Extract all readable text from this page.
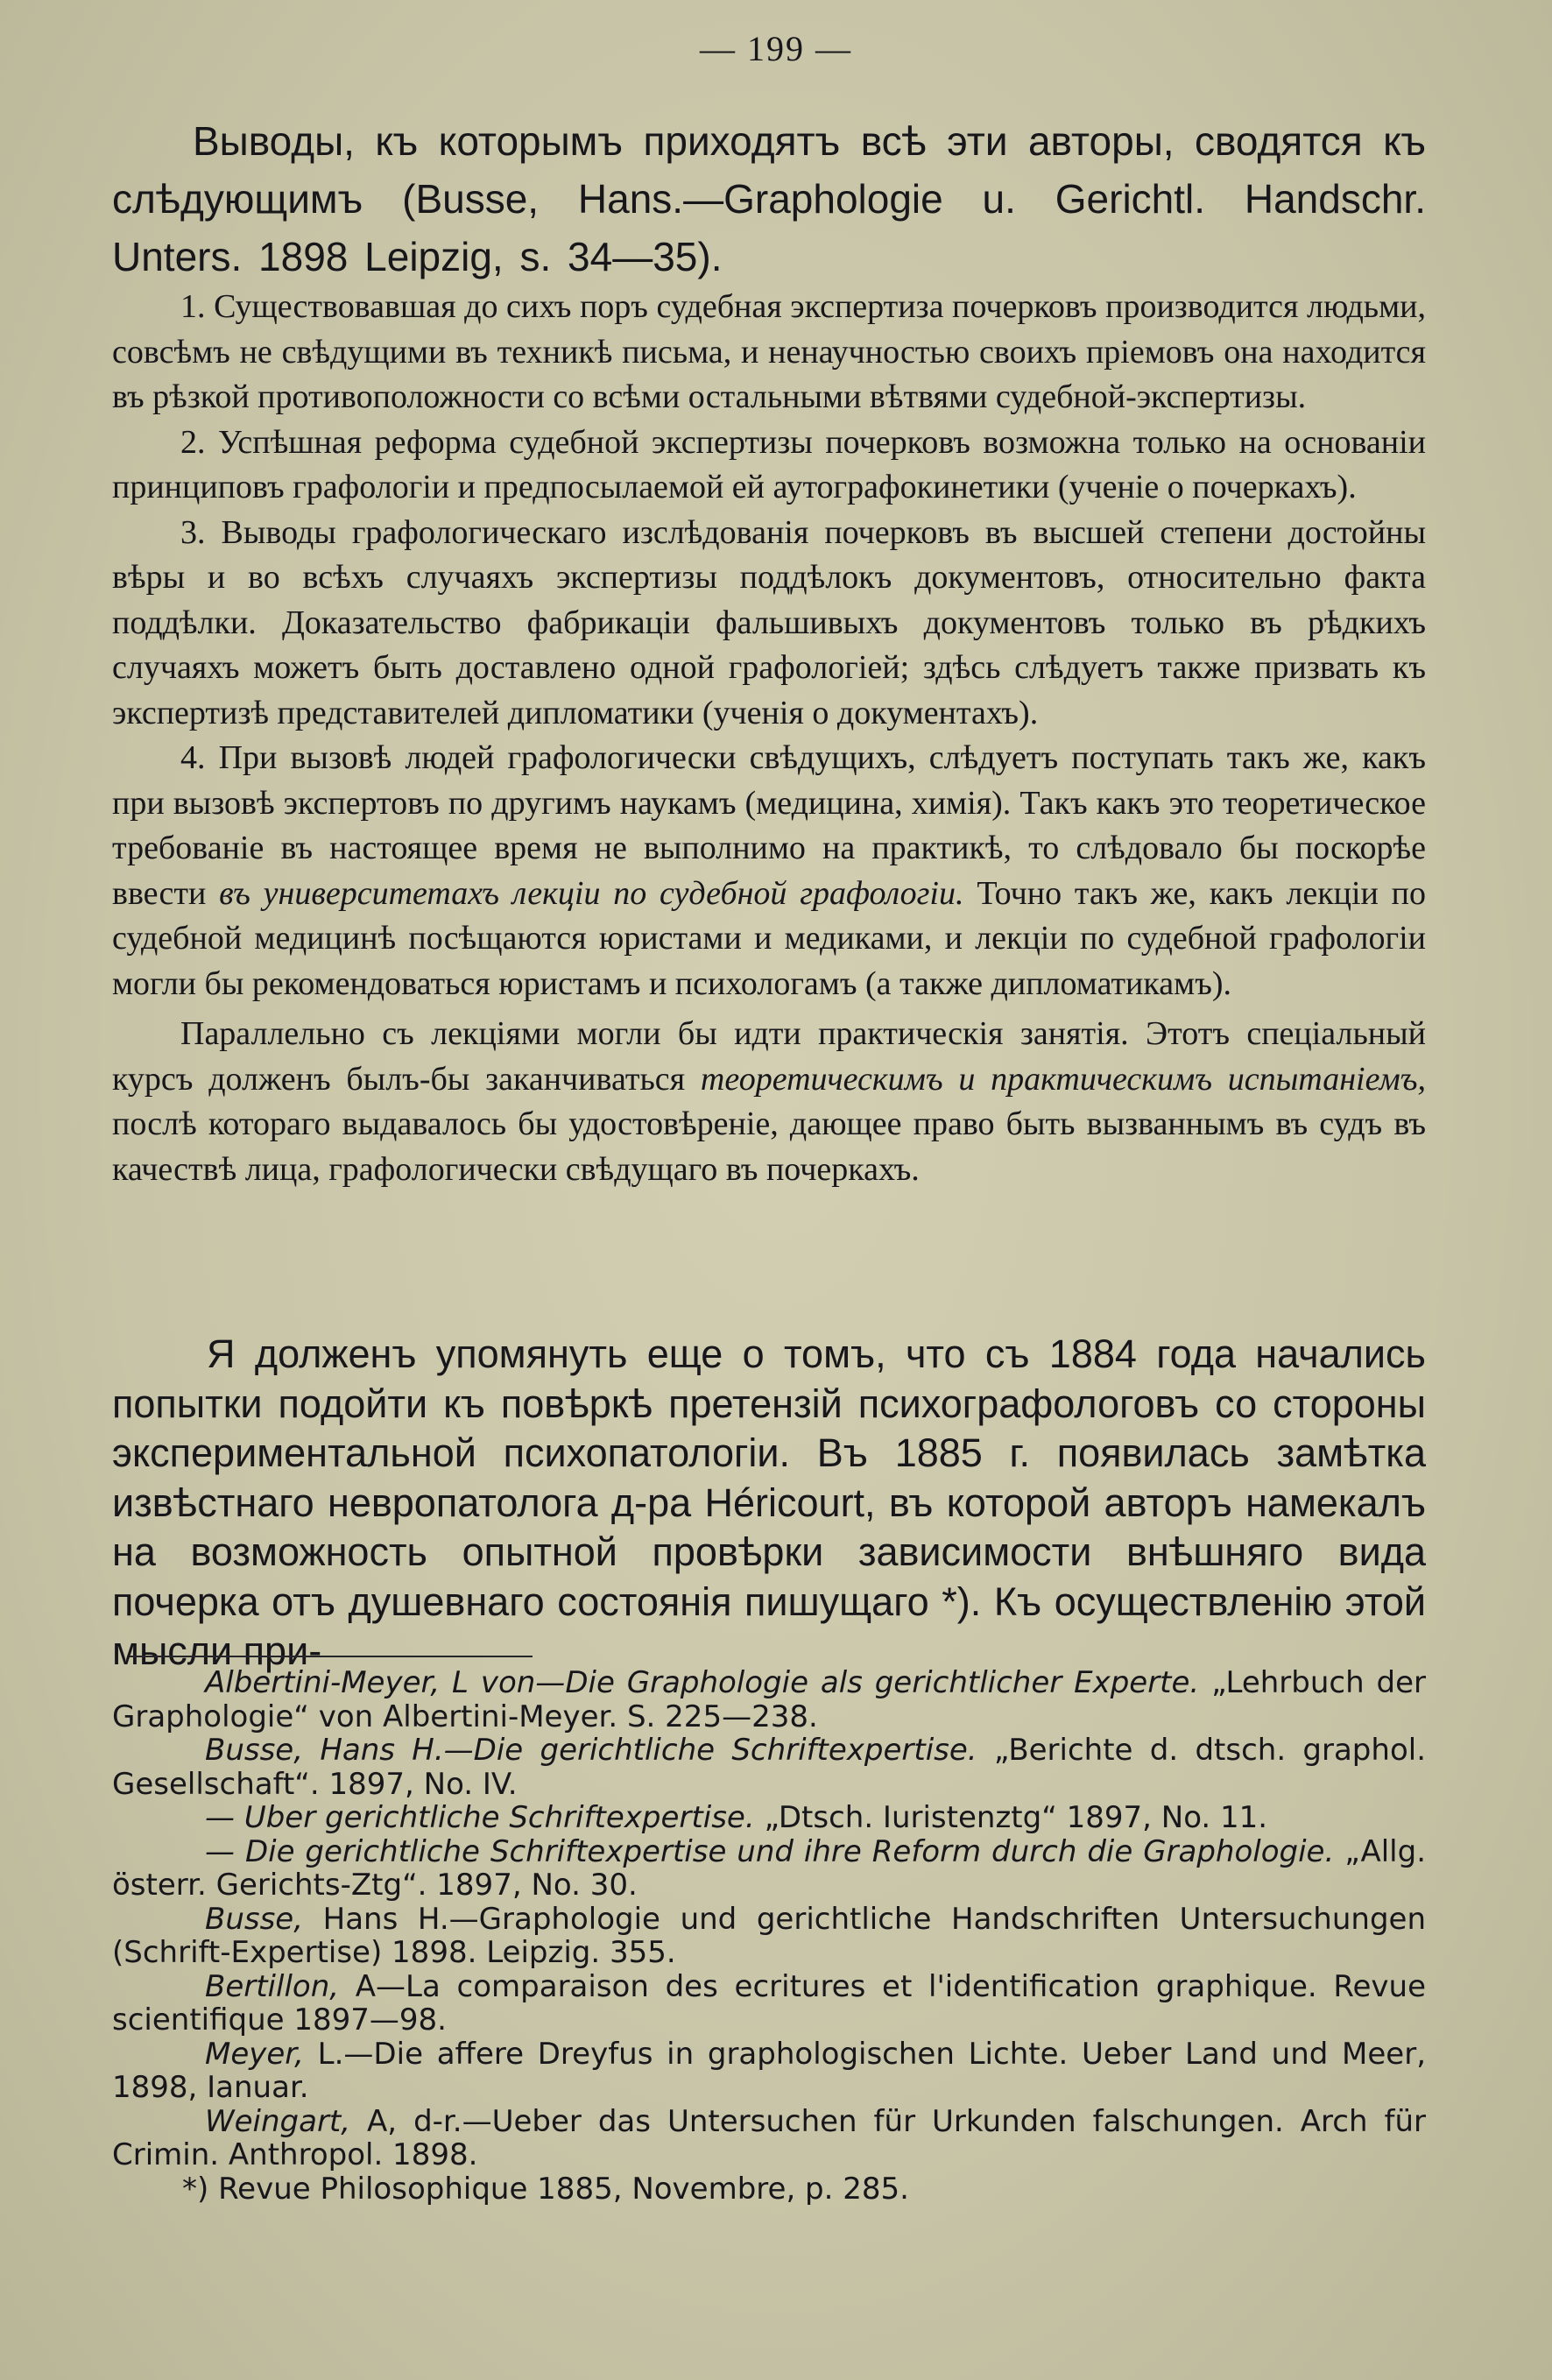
— 199 —

Выводы, къ которымъ приходятъ всѣ эти авторы, сводятся къ слѣдующимъ (Busse, Hans.—Graphologie u. Gerichtl. Handschr. Unters. 1898 Leipzig, s. 34—35).

1. Существовавшая до сихъ поръ судебная экспертиза почерковъ производится людьми, совсѣмъ не свѣдущими въ техникѣ письма, и ненаучностью своихъ пріемовъ она находится въ рѣзкой противоположности со всѣми остальными вѣтвями судебной-экспертизы.

2. Успѣшная реформа судебной экспертизы почерковъ возможна только на основаніи принциповъ графологіи и предпосылаемой ей аутографокинетики (ученіе о почеркахъ).

3. Выводы графологическаго изслѣдованія почерковъ въ высшей степени достойны вѣры и во всѣхъ случаяхъ экспертизы поддѣлокъ документовъ, относительно факта поддѣлки. Доказательство фабрикаціи фальшивыхъ документовъ только въ рѣдкихъ случаяхъ можетъ быть доставлено одной графологіей; здѣсь слѣдуетъ также призвать къ экспертизѣ представителей дипломатики (ученія о документахъ).

4. При вызовѣ людей графологически свѣдущихъ, слѣдуетъ поступать такъ же, какъ при вызовѣ экспертовъ по другимъ наукамъ (медицина, химія). Такъ какъ это теоретическое требованіе въ настоящее время не выполнимо на практикѣ, то слѣдовало бы поскорѣе ввести въ университетахъ лекціи по судебной графологіи. Точно такъ же, какъ лекціи по судебной медицинѣ посѣщаются юристами и медиками, и лекціи по судебной графологіи могли бы рекомендоваться юристамъ и психологамъ (а также дипломатикамъ).

Параллельно съ лекціями могли бы идти практическія занятія. Этотъ спеціальный курсъ долженъ былъ-бы заканчиваться теоретическимъ и практическимъ испытаніемъ, послѣ котораго выдавалось бы удостовѣреніе, дающее право быть вызваннымъ въ судъ въ качествѣ лица, графологически свѣдущаго въ почеркахъ.

Я долженъ упомянуть еще о томъ, что съ 1884 года начались попытки подойти къ повѣркѣ претензій психографологовъ со стороны экспериментальной психопатологіи. Въ 1885 г. появилась замѣтка извѣстнаго невропатолога д-ра Héricourt, въ которой авторъ намекалъ на возможность опытной провѣрки зависимости внѣшняго вида почерка отъ душевнаго состоянія пишущаго *). Къ осуществленію этой мысли при-

Albertini-Meyer, L von—Die Graphologie als gerichtlicher Experte. „Lehrbuch der Graphologie“ von Albertini-Meyer. S. 225—238.

Busse, Hans H.—Die gerichtliche Schriftexpertise. „Berichte d. dtsch. graphol. Gesellschaft“. 1897, No. IV.

— Uber gerichtliche Schriftexpertise. „Dtsch. Iuristenztg“ 1897, No. 11.

— Die gerichtliche Schriftexpertise und ihre Reform durch die Graphologie. „Allg. österr. Gerichts-Ztg“. 1897, No. 30.

Busse, Hans H.—Graphologie und gerichtliche Handschriften Untersuchungen (Schrift-Expertise) 1898. Leipzig. 355.

Bertillon, A—La comparaison des ecritures et l'identification graphique. Revue scientifique 1897—98.

Meyer, L.—Die affere Dreyfus in graphologischen Lichte. Ueber Land und Meer, 1898, Ianuar.

Weingart, A, d-r.—Ueber das Untersuchen für Urkunden falschungen. Arch für Crimin. Anthropol. 1898.

*) Revue Philosophique 1885, Novembre, p. 285.
